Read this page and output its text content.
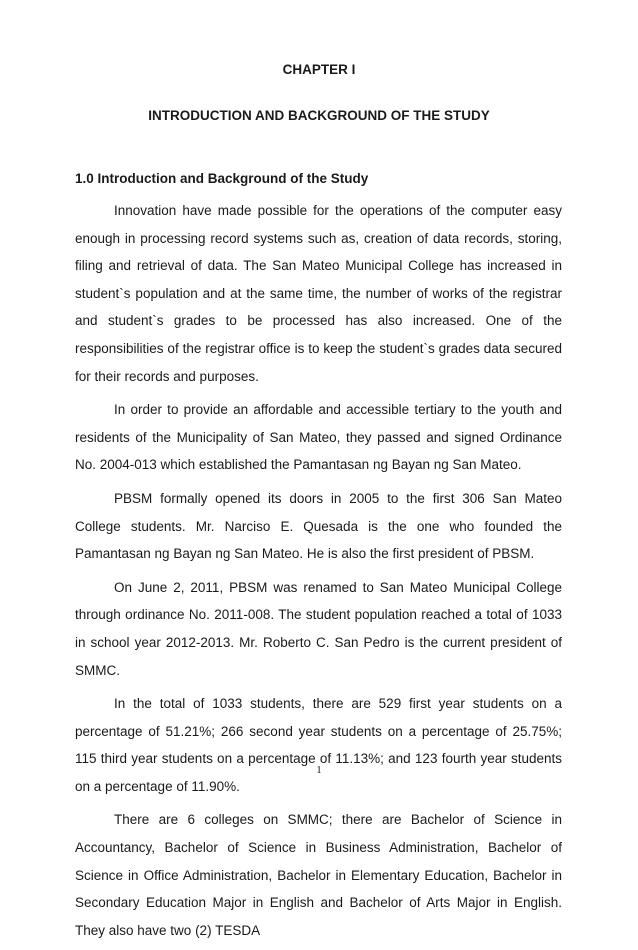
CHAPTER I
INTRODUCTION AND BACKGROUND OF THE STUDY
1.0 Introduction and Background of the Study

Innovation have made possible for the operations of the computer easy enough in processing record systems such as, creation of data records, storing, filing and retrieval of data. The San Mateo Municipal College has increased in student`s population and at the same time, the number of works of the registrar and student`s grades to be processed has also increased. One of the responsibilities of the registrar office is to keep the student`s grades data secured for their records and purposes.

In order to provide an affordable and accessible tertiary to the youth and residents of the Municipality of San Mateo, they passed and signed Ordinance No. 2004-013 which established the Pamantasan ng Bayan ng San Mateo.

PBSM formally opened its doors in 2005 to the first 306 San Mateo College students. Mr. Narciso E. Quesada is the one who founded the Pamantasan ng Bayan ng San Mateo. He is also the first president of PBSM.

On June 2, 2011, PBSM was renamed to San Mateo Municipal College through ordinance No. 2011-008. The student population reached a total of 1033 in school year 2012-2013. Mr. Roberto C. San Pedro is the current president of SMMC.

In the total of 1033 students, there are 529 first year students on a percentage of 51.21%; 266 second year students on a percentage of 25.75%; 115 third year students on a percentage of 11.13%; and 123 fourth year students on a percentage of 11.90%.

There are 6 colleges on SMMC; there are Bachelor of Science in Accountancy, Bachelor of Science in Business Administration, Bachelor of Science in Office Administration, Bachelor in Elementary Education, Bachelor in Secondary Education Major in English and Bachelor of Arts Major in English. They also have two (2) TESDA

1
